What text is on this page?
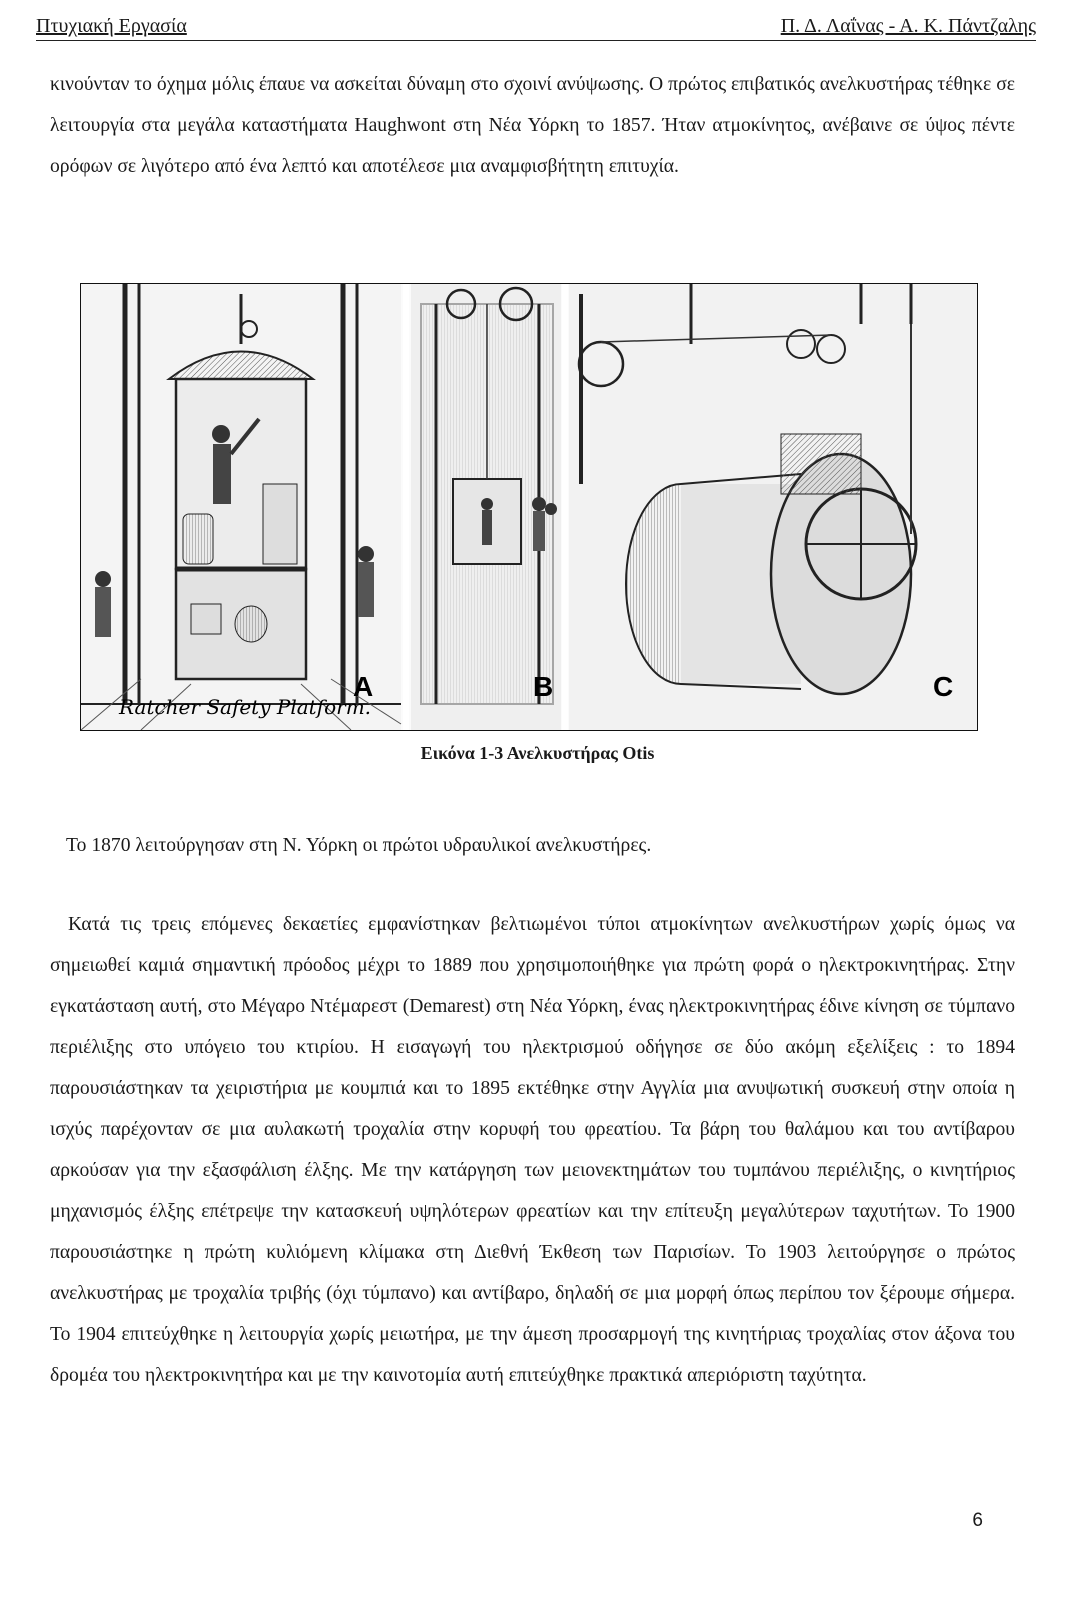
Πτυχιακή Εργασία	Π. Δ. Λαΐνας - Α. Κ. Πάντζαλης

κινούνταν το όχημα μόλις έπαυε να ασκείται δύναμη στο σχοινί ανύψωσης. Ο πρώτος επιβατικός ανελκυστήρας τέθηκε σε λειτουργία στα μεγάλα καταστήματα Haughwont στη Νέα Υόρκη το 1857. Ήταν ατμοκίνητος, ανέβαινε σε ύψος πέντε ορόφων σε λιγότερο από ένα λεπτό και αποτέλεσε μια αναμφισβήτητη επιτυχία.

A
Ratcher Safety Platform.
B	C
Εικόνα 1-3 Ανελκυστήρας Otis

Το 1870 λειτούργησαν στη Ν. Υόρκη οι πρώτοι υδραυλικοί ανελκυστήρες.

Κατά τις τρεις επόμενες δεκαετίες εμφανίστηκαν βελτιωμένοι τύποι ατμοκίνητων ανελκυστήρων χωρίς όμως να σημειωθεί καμιά σημαντική πρόοδος μέχρι το 1889 που χρησιμοποιήθηκε για πρώτη φορά ο ηλεκτροκινητήρας. Στην εγκατάσταση αυτή, στο Μέγαρο Ντέμαρεστ (Demarest) στη Νέα Υόρκη, ένας ηλεκτροκινητήρας έδινε κίνηση σε τύμπανο περιέλιξης στο υπόγειο του κτιρίου. Η εισαγωγή του ηλεκτρισμού οδήγησε σε δύο ακόμη εξελίξεις : το 1894 παρουσιάστηκαν τα χειριστήρια με κουμπιά και το 1895 εκτέθηκε στην Αγγλία μια ανυψωτική συσκευή στην οποία η ισχύς παρέχονταν σε μια αυλακωτή τροχαλία στην κορυφή του φρεατίου. Τα βάρη του θαλάμου και του αντίβαρου αρκούσαν για την εξασφάλιση έλξης. Με την κατάργηση των μειονεκτημάτων του τυμπάνου περιέλιξης, ο κινητήριος μηχανισμός έλξης επέτρεψε την κατασκευή υψηλότερων φρεατίων και την επίτευξη μεγαλύτερων ταχυτήτων. Το 1900 παρουσιάστηκε η πρώτη κυλιόμενη κλίμακα στη Διεθνή Έκθεση των Παρισίων. Το 1903 λειτούργησε ο πρώτος ανελκυστήρας με τροχαλία τριβής (όχι τύμπανο) και αντίβαρο, δηλαδή σε μια μορφή όπως περίπου τον ξέρουμε σήμερα. Το 1904 επιτεύχθηκε η λειτουργία χωρίς μειωτήρα, με την άμεση προσαρμογή της κινητήριας τροχαλίας στον άξονα του δρομέα του ηλεκτροκινητήρα και με την καινοτομία αυτή επιτεύχθηκε πρακτικά απεριόριστη ταχύτητα.

6
